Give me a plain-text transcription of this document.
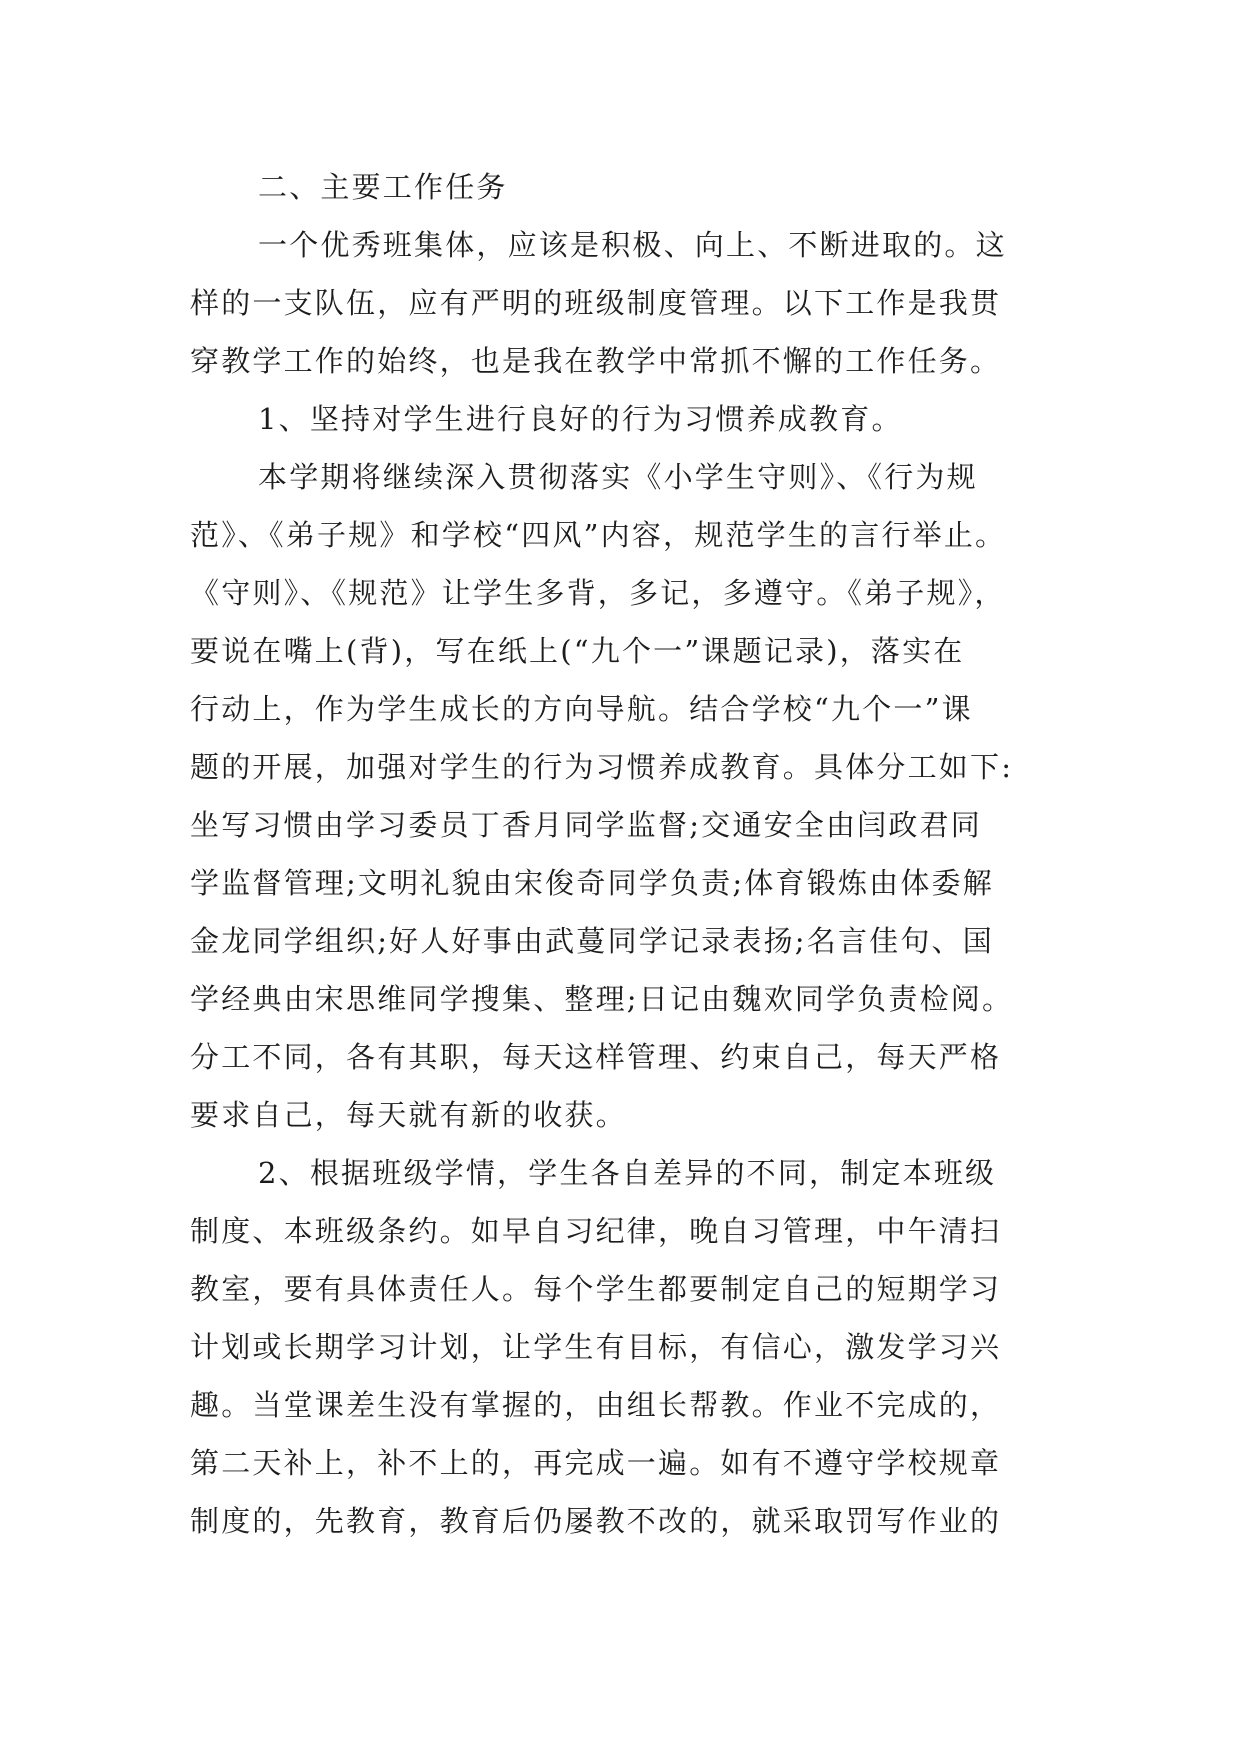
二、主要工作任务

一个优秀班集体，应该是积极、向上、不断进取的。这

样的一支队伍，应有严明的班级制度管理。以下工作是我贯

穿教学工作的始终，也是我在教学中常抓不懈的工作任务。

1、坚持对学生进行良好的行为习惯养成教育。

本学期将继续深入贯彻落实《小学生守则》、《行为规

范》、《弟子规》和学校“四风”内容，规范学生的言行举止。

《守则》、《规范》让学生多背，多记，多遵守。《弟子规》，

要说在嘴上(背)，写在纸上(“九个一”课题记录)，落实在

行动上，作为学生成长的方向导航。结合学校“九个一”课

题的开展，加强对学生的行为习惯养成教育。具体分工如下:

坐写习惯由学习委员丁香月同学监督;交通安全由闫政君同

学监督管理;文明礼貌由宋俊奇同学负责;体育锻炼由体委解

金龙同学组织;好人好事由武蔓同学记录表扬;名言佳句、国

学经典由宋思维同学搜集、整理;日记由魏欢同学负责检阅。

分工不同，各有其职，每天这样管理、约束自己，每天严格

要求自己，每天就有新的收获。

2、根据班级学情，学生各自差异的不同，制定本班级

制度、本班级条约。如早自习纪律，晚自习管理，中午清扫

教室，要有具体责任人。每个学生都要制定自己的短期学习

计划或长期学习计划，让学生有目标，有信心，激发学习兴

趣。当堂课差生没有掌握的，由组长帮教。作业不完成的，

第二天补上，补不上的，再完成一遍。如有不遵守学校规章

制度的，先教育，教育后仍屡教不改的，就采取罚写作业的
